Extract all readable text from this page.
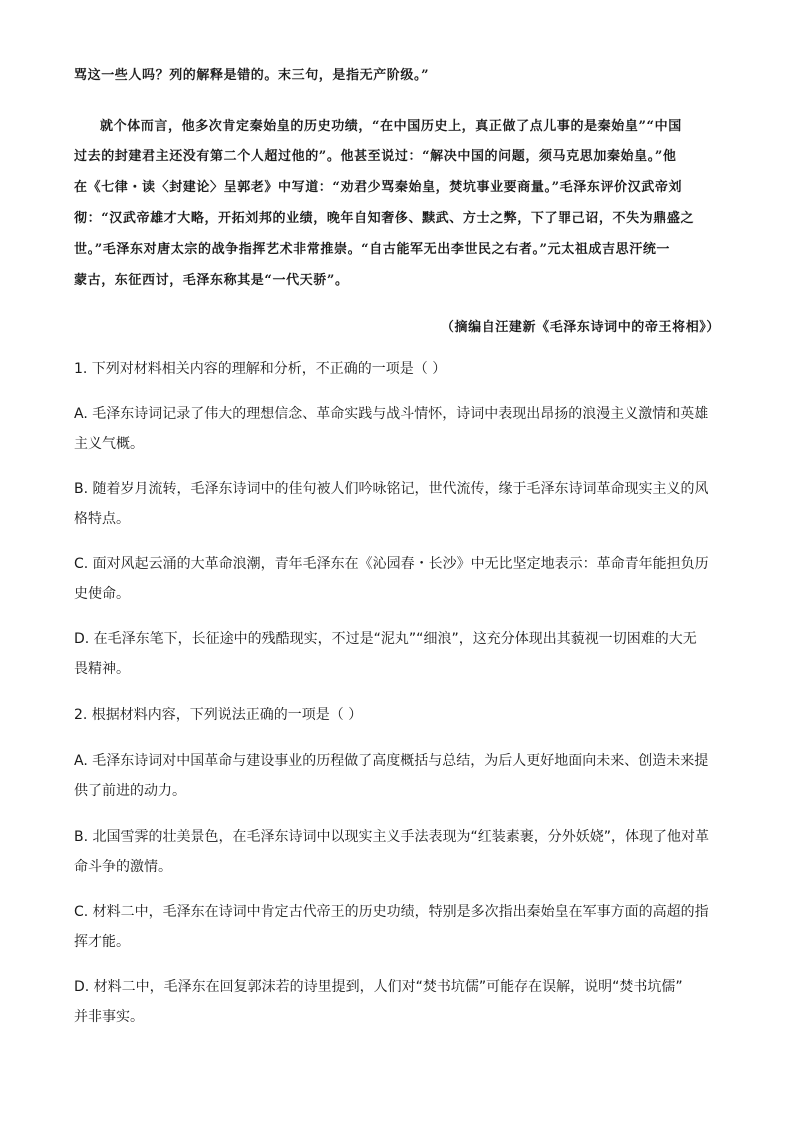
骂这一些人吗？列的解释是错的。末三句，是指无产阶级。”
就个体而言，他多次肯定秦始皇的历史功绩，“在中国历史上，真正做了点儿事的是秦始皇”“中国
过去的封建君主还没有第二个人超过他的”。他甚至说过：“解决中国的问题，须马克思加秦始皇。”他
在《七律・读〈封建论〉呈郭老》中写道：“劝君少骂秦始皇，焚坑事业要商量。”毛泽东评价汉武帝刘
彻：“汉武帝雄才大略，开拓刘邦的业绩，晚年自知奢侈、黩武、方士之弊，下了罪己诏，不失为鼎盛之
世。”毛泽东对唐太宗的战争指挥艺术非常推崇。“自古能军无出李世民之右者。”元太祖成吉思汗统一
蒙古，东征西讨，毛泽东称其是“一代天骄”。
（摘编自汪建新《毛泽东诗词中的帝王将相》）
1. 下列对材料相关内容的理解和分析，不正确的一项是（ ）
A. 毛泽东诗词记录了伟大的理想信念、革命实践与战斗情怀，诗词中表现出昂扬的浪漫主义激情和英雄
主义气概。
B. 随着岁月流转，毛泽东诗词中的佳句被人们吟咏铭记，世代流传，缘于毛泽东诗词革命现实主义的风
格特点。
C. 面对风起云涌的大革命浪潮，青年毛泽东在《沁园春・长沙》中无比坚定地表示：革命青年能担负历
史使命。
D. 在毛泽东笔下，长征途中的残酷现实，不过是“泥丸”“细浪”，这充分体现出其藐视一切困难的大无
畏精神。
2. 根据材料内容，下列说法正确的一项是（ ）
A. 毛泽东诗词对中国革命与建设事业的历程做了高度概括与总结，为后人更好地面向未来、创造未来提
供了前进的动力。
B. 北国雪霁的壮美景色，在毛泽东诗词中以现实主义手法表现为“红装素裹，分外妖娆”，体现了他对革
命斗争的激情。
C. 材料二中，毛泽东在诗词中肯定古代帝王的历史功绩，特别是多次指出秦始皇在军事方面的高超的指
挥才能。
D. 材料二中，毛泽东在回复郭沫若的诗里提到，人们对“焚书坑儒”可能存在误解，说明“焚书坑儒”
并非事实。
